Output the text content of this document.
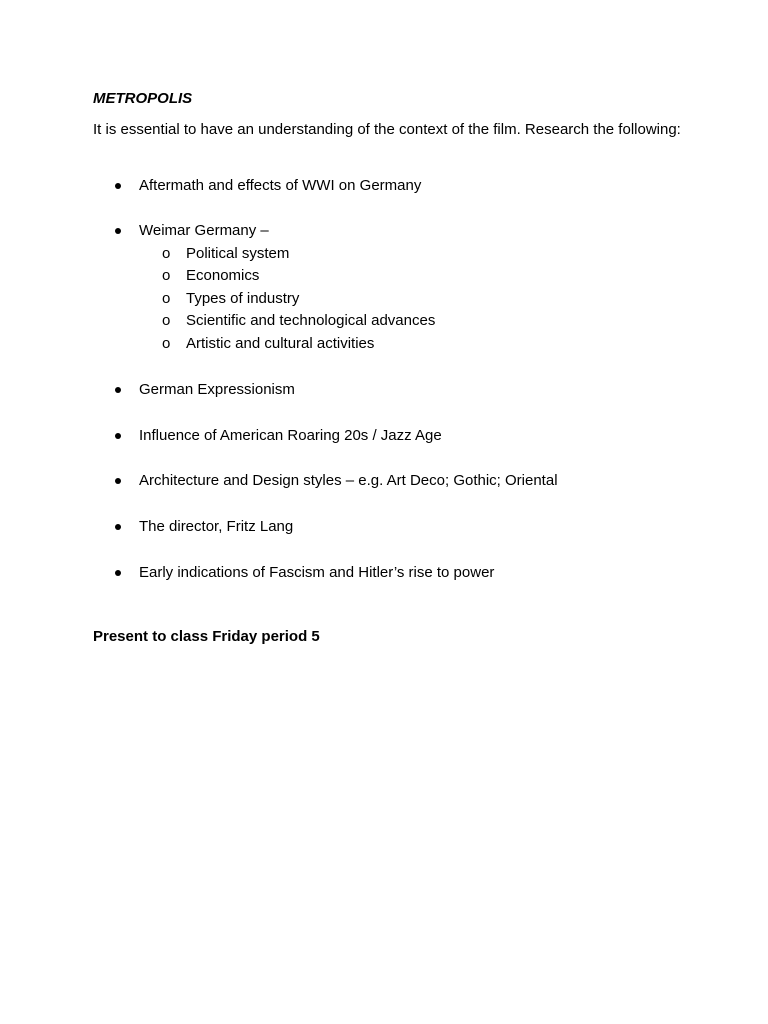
METROPOLIS
It is essential to have an understanding of the context of the film. Research the following:
Aftermath and effects of WWI on Germany
Weimar Germany –
o	Political system
o	Economics
o	Types of industry
o	Scientific and technological advances
o	Artistic and cultural activities
German Expressionism
Influence of American Roaring 20s / Jazz Age
Architecture and Design styles – e.g. Art Deco; Gothic; Oriental
The director, Fritz Lang
Early indications of Fascism and Hitler’s rise to power
Present to class Friday period 5
